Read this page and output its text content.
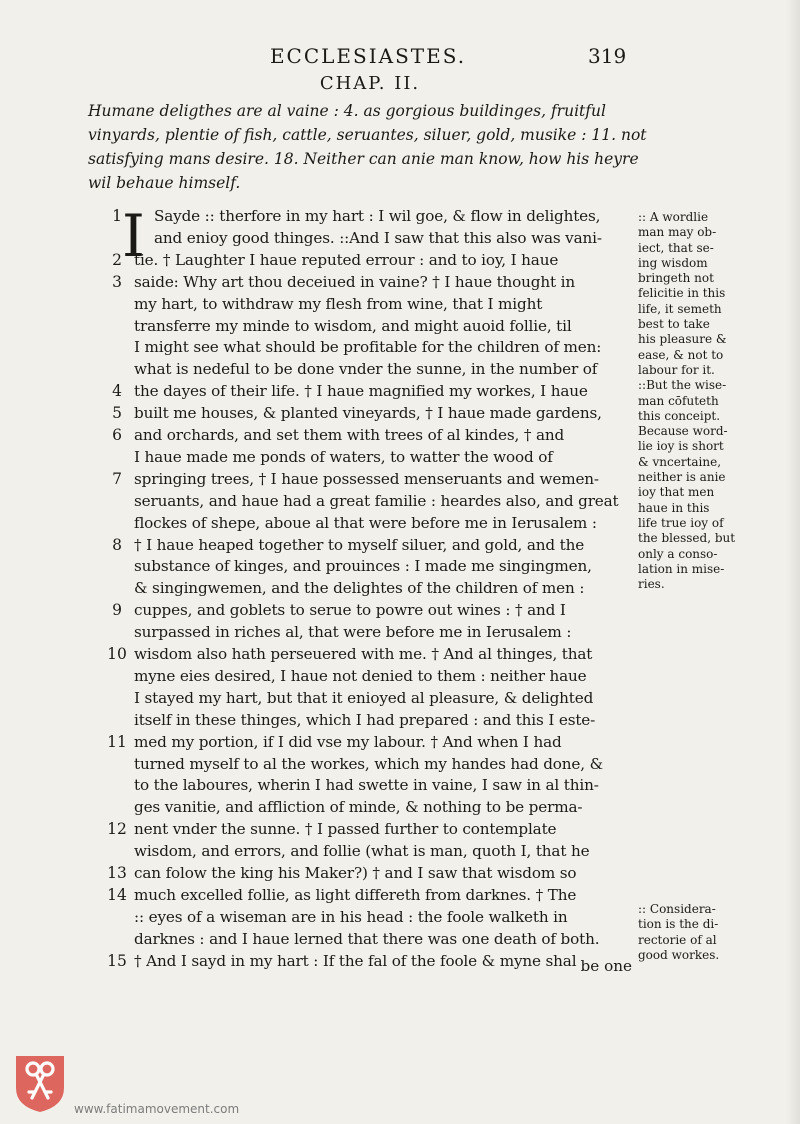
ECCLESIASTES.	319
CHAP. II.
Humane deligthes are al vaine : 4. as gorgious buildinges, fruitful
vinyards, plentie of fish, cattle, seruantes, siluer, gold, musike : 11. not
satisfying mans desire. 18. Neither can anie man know, how his heyre
wil behaue himself.
I
1	Sayde :: therfore in my hart : I wil goe, & flow in delightes,
and enioy good thinges. ::And I saw that this also was vani-
2 tie. † Laughter I haue reputed errour : and to ioy, I haue
3 saide: Why art thou deceiued in vaine? † I haue thought in
my hart, to withdraw my flesh from wine, that I might
transferre my minde to wisdom, and might auoid follie, til
I might see what should be profitable for the children of men:
what is nedeful to be done vnder the sunne, in the number of
4 the dayes of their life. † I haue magnified my workes, I haue
5 built me houses, & planted vineyards, † I haue made gardens,
6 and orchards, and set them with trees of al kindes, † and
I haue made me ponds of waters, to watter the wood of
7 springing trees, † I haue possessed menseruants and wemen-
seruants, and haue had a great familie : heardes also, and great
flockes of shepe, aboue al that were before me in Ierusalem :
8 † I haue heaped together to myself siluer, and gold, and the
substance of kinges, and prouinces : I made me singingmen,
& singingwemen, and the delightes of the children of men :
9 cuppes, and goblets to serue to powre out wines : † and I
surpassed in riches al, that were before me in Ierusalem :
10 wisdom also hath perseuered with me. † And al thinges, that
myne eies desired, I haue not denied to them : neither haue
I stayed my hart, but that it enioyed al pleasure, & delighted
itself in these thinges, which I had prepared : and this I este-
11 med my portion, if I did vse my labour. † And when I had
turned myself to al the workes, which my handes had done, &
to the laboures, wherin I had swette in vaine, I saw in al thin-
ges vanitie, and affliction of minde, & nothing to be perma-
12 nent vnder the sunne. † I passed further to contemplate
wisdom, and errors, and follie (what is man, quoth I, that he
13 can folow the king his Maker?) † and I saw that wisdom so
14 much excelled follie, as light differeth from darknes. † The
:: eyes of a wiseman are in his head : the foole walketh in
darknes : and I haue lerned that there was one death of both.
15 † And I sayd in my hart : If the fal of the foole & myne shal be one
:: A wordlie
man may ob-
iect, that se-
ing wisdom
bringeth not
felicitie in this
life, it semeth
best to take
his pleasure &
ease, & not to
labour for it.
::But the wise-
man cōfuteth
this conceipt.
Because word-
lie ioy is short
& vncertaine,
neither is anie
ioy that men
haue in this
life true ioy of
the blessed, but
only a conso-
lation in mise-
ries.
:: Considera-
tion is the di-
rectorie of al
good workes.
www.fatimamovement.com
